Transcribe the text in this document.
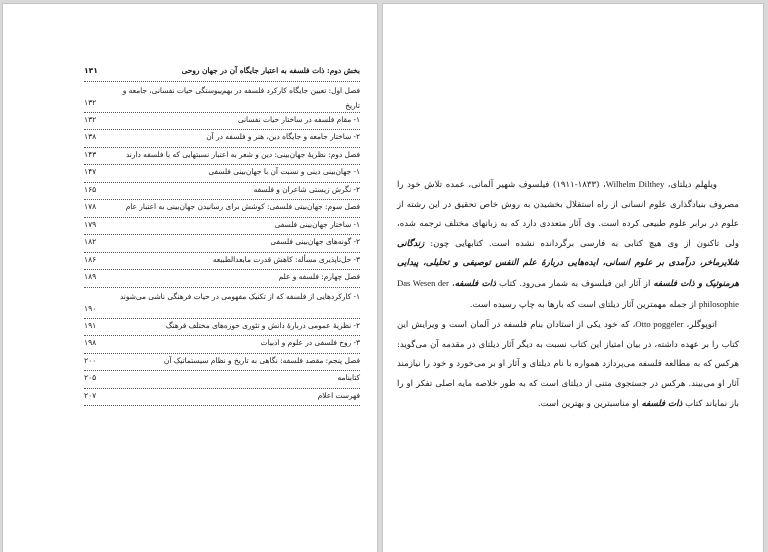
بخش دوم: ذات فلسفه به اعتبار جایگاه آن در جهان روحی
۱۳۱
فصل اول: تعیین جایگاه کارکرد فلسفه در بهم‌پیوستگی حیات نفسانی، جامعه و تاریخ
۱۳۲
۱- مقام فلسفه در ساختار حیات نفسانی
۱۳۲
۲- ساختار جامعه و جایگاه دین، هنر و فلسفه در آن
۱۳۸
فصل دوم: نظریهٔ جهان‌بینی: دین و شعر به اعتبار نسبتهایی که با فلسفه دارند
۱۴۳
۱- جهان‌بینی دینی و نسبت آن با جهان‌بینی فلسفی
۱۴۷
۲- نگرش زیستی شاعران و فلسفه
۱۶۵
فصل سوم: جهان‌بینی فلسفی: کوشش برای رسانیدن جهان‌بینی به اعتبار عام
۱۷۸
۱- ساختار جهان‌بینی فلسفی
۱۷۹
۲- گونه‌های جهان‌بینی فلسفی
۱۸۲
۳- حل‌ناپذیری مسأله: کاهش قدرت مابعدالطبیعه
۱۸۶
فصل چهارم: فلسفه و علم
۱۸۹
۱- کارکردهایی از فلسفه که از تکنیک مفهومی در حیات فرهنگی ناشی می‌شوند
۱۹۰
۲- نظریهٔ عمومی دربارهٔ دانش و تئوری حوزه‌های مختلف فرهنگ
۱۹۱
۳- روح فلسفی در علوم و ادبیات
۱۹۸
فصل پنجم: مقصد فلسفه: نگاهی به تاریخ و نظام سیستماتیک آن
۲۰۰
کتابنامه
۲۰۵
فهرست اعلام
۲۰۷

ویلهلم دیلتای، Wilhelm Dilthey، (۱۸۳۳-۱۹۱۱) فیلسوف شهیر آلمانی، عمده تلاش خود را مصروف بنیادگذاری علوم انسانی از راه استقلال بخشیدن به روش خاص تحقیق در این رشته از علوم در برابر علوم طبیعی کرده است. وی آثار متعددی دارد که به زبانهای مختلف ترجمه شده، ولی تاکنون از وی هیچ کتابی به فارسی برگردانده نشده است. کتابهایی چون: زندگانی شلایرماخر، درآمدی بر علوم انسانی، ایده‌هایی دربارهٔ علم النفس توصیفی و تحلیلی، پیدایی هرمنوتیک و ذات فلسفه از آثار این فیلسوف به شمار می‌رود. کتاب ذات فلسفه، Das Wesen der philosophie از جمله مهمترین آثار دیلتای است که بارها به چاپ رسیده است.

اتوپوگلر، Otto poggeler، که خود یکی از استادان بنام فلسفه در آلمان است و ویرایش این کتاب را بر عهده داشته، در بیان امتیاز این کتاب نسبت به دیگر آثار دیلتای در مقدمه آن می‌گوید: هرکس که به مطالعه فلسفه می‌پردازد همواره با نام دیلتای و آثار او بر می‌خورد و خود را نیازمند آثار او می‌بیند. هرکس در جستجوی متنی از دیلتای است که به طور خلاصه مایه اصلی تفکر او را باز نمایاند کتاب ذات فلسفه او مناسبترین و بهترین است.
